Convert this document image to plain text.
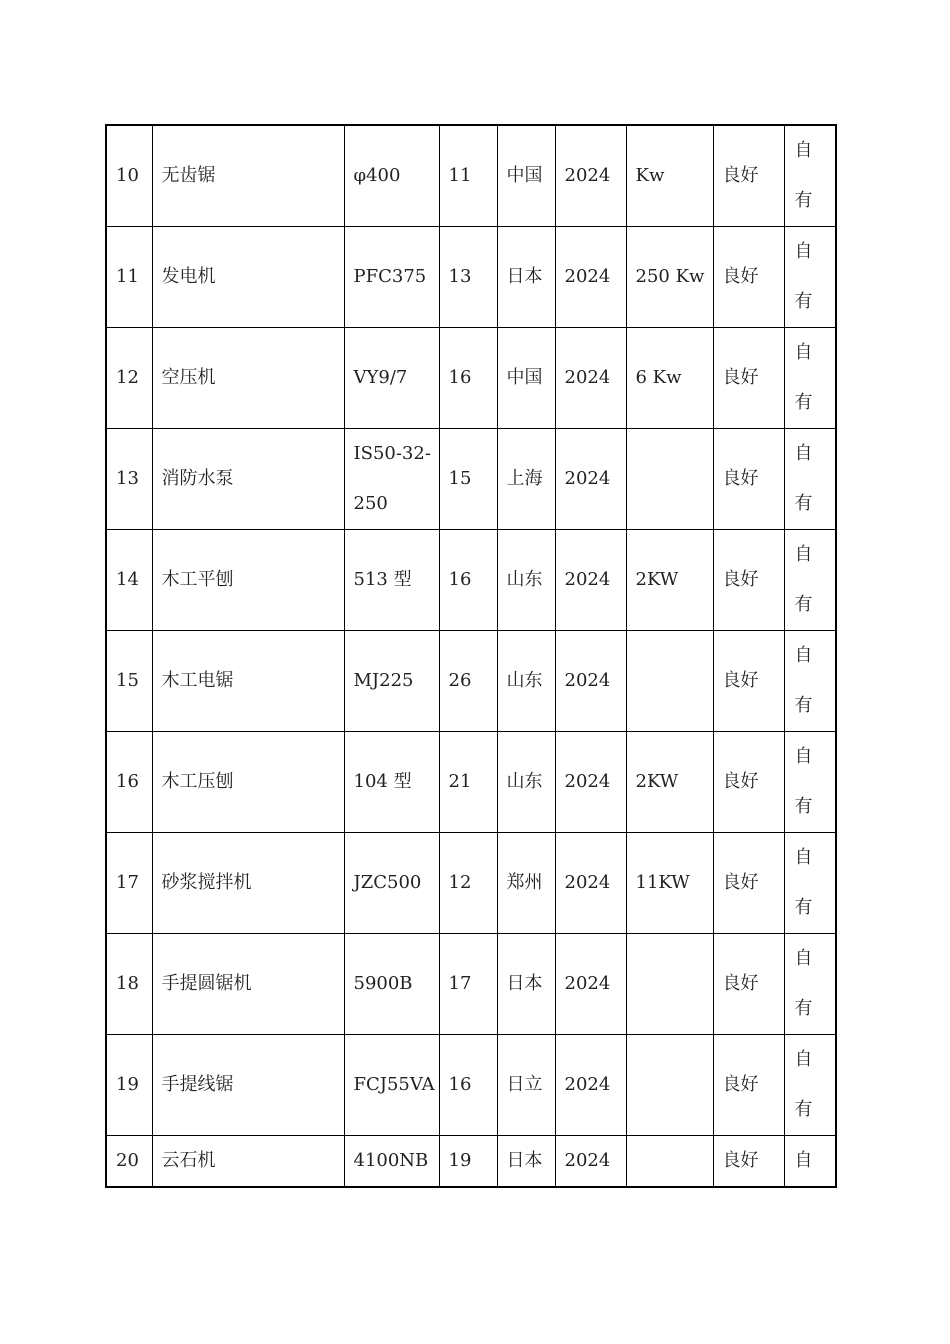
10	无齿锯	φ400	11	中国	2024	Kw	良好	自有

11	发电机	PFC375	13	日本	2024	250 Kw	良好	自有

12	空压机	VY9/7	16	中国	2024	6 Kw	良好	自有

13	消防水泵	IS50-32-250	15	上海	2024		良好	自有

14	木工平刨	513 型	16	山东	2024	2KW	良好	自有

15	木工电锯	MJ225	26	山东	2024		良好	自有

16	木工压刨	104 型	21	山东	2024	2KW	良好	自有

17	砂浆搅拌机	JZC500	12	郑州	2024	11KW	良好	自有

18	手提圆锯机	5900B	17	日本	2024		良好	自有

19	手提线锯	FCJ55VA	16	日立	2024		良好	自有

20	云石机	4100NB	19	日本	2024		良好	自
